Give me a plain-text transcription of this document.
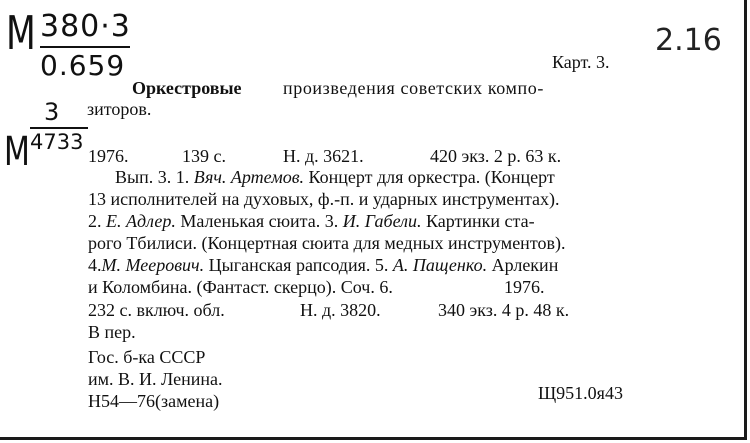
М 380·3
0.659
М
3
4733
2.16
Карт. 3.
Оркестровые произведения советских компо-
зиторов.
1976.	139 с.	Н. д. 3621.	420 экз. 2 р. 63 к.
Вып. 3. 1. Вяч. Артемов. Концерт для оркестра. (Концерт
13 исполнителей на духовых, ф.-п. и ударных инструментах).
2. Е. Адлер. Маленькая сюита. 3. И. Габели. Картинки ста-
рого Тбилиси. (Концертная сюита для медных инструментов).
4.М. Меерович. Цыганская рапсодия. 5. А. Пащенко. Арлекин
и Коломбина. (Фантаст. скерцо). Соч. 6.	1976.
232 с. включ. обл.	Н. д. 3820.	340 экз. 4 р. 48 к.
В пер.
Гос. б-ка СССР
им. В. И. Ленина.
Н54—76(замена)	Щ951.0я43
